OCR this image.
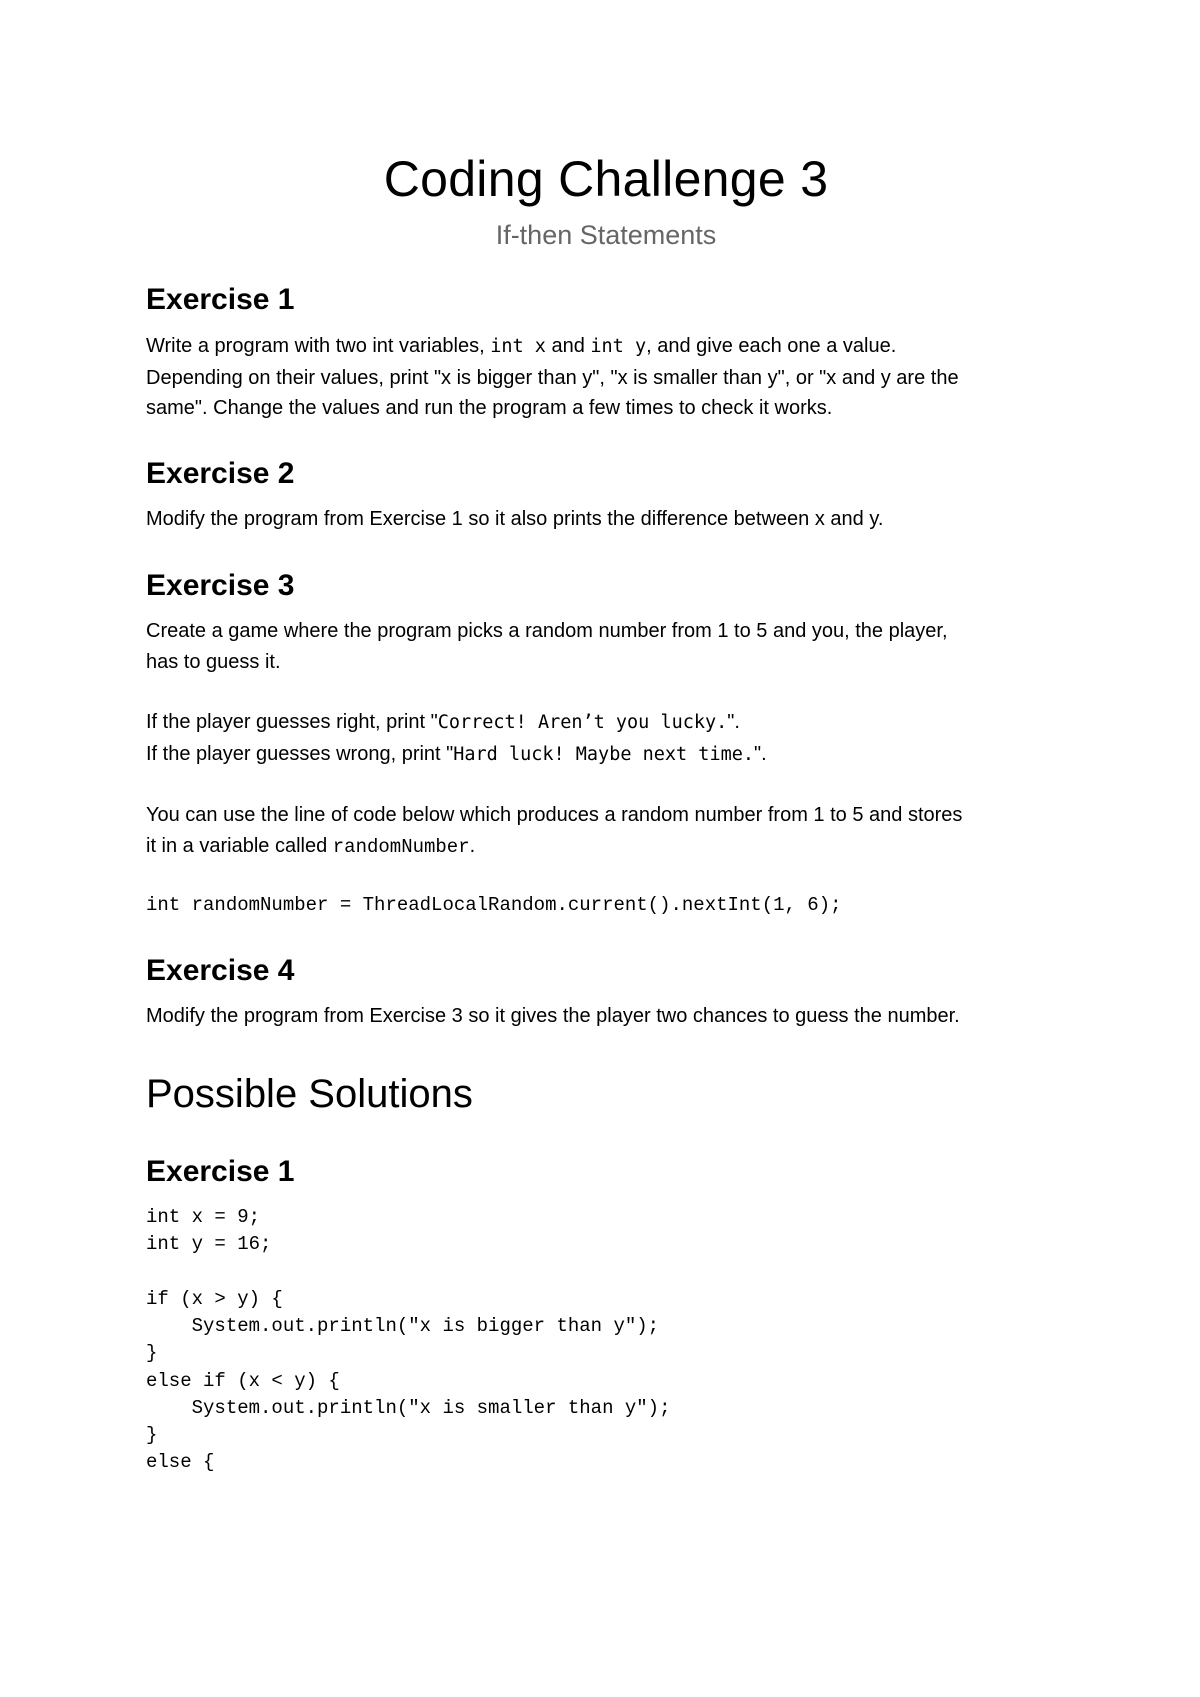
Coding Challenge 3

If-then Statements

Exercise 1

Write a program with two int variables, int x and int y, and give each one a value.
Depending on their values, print "x is bigger than y", "x is smaller than y", or "x and y are the
same". Change the values and run the program a few times to check it works.

Exercise 2

Modify the program from Exercise 1 so it also prints the difference between x and y.

Exercise 3

Create a game where the program picks a random number from 1 to 5 and you, the player,
has to guess it.

If the player guesses right, print "Correct! Aren’t you lucky.".
If the player guesses wrong, print "Hard luck! Maybe next time.".

You can use the line of code below which produces a random number from 1 to 5 and stores
it in a variable called randomNumber.

int randomNumber = ThreadLocalRandom.current().nextInt(1, 6);

Exercise 4

Modify the program from Exercise 3 so it gives the player two chances to guess the number.

Possible Solutions
Exercise 1

int x = 9;

int y = 16;

if (x > y) {

System.out.println("x is bigger than y");

}

else if (x < y) {

System.out.println("x is smaller than y");

}

else {
